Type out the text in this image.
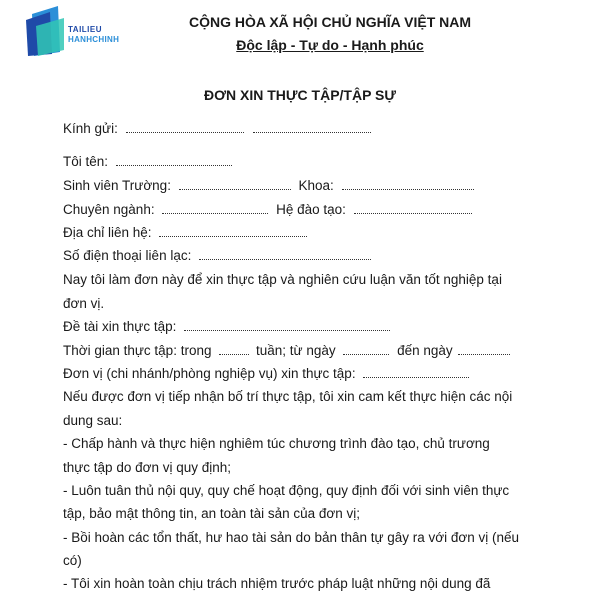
TAILIEU
HANHCHINH
CỘNG HÒA XÃ HỘI CHỦ NGHĨA VIỆT NAM
Độc lập - Tự do - Hạnh phúc
ĐƠN XIN THỰC TẬP/TẬP SỰ
Kính gửi:
Tôi tên:
Sinh viên Trường:	Khoa:
Chuyên ngành:	Hệ đào tạo:
Địa chỉ liên hệ:
Số điện thoại liên lạc:
Nay tôi làm đơn này để xin thực tập và nghiên cứu luận văn tốt nghiệp tại
đơn vị.
Đề tài xin thực tập:
Thời gian thực tập: trong	tuần; từ ngày	đến ngày
Đơn vị (chi nhánh/phòng nghiệp vụ) xin thực tập:
Nếu được đơn vị tiếp nhận bố trí thực tập, tôi xin cam kết thực hiện các nội
dung sau:
- Chấp hành và thực hiện nghiêm túc chương trình đào tạo, chủ trương
thực tập do đơn vị quy định;
- Luôn tuân thủ nội quy, quy chế hoạt động, quy định đối với sinh viên thực
tập, bảo mật thông tin, an toàn tài sản của đơn vị;
- Bồi hoàn các tổn thất, hư hao tài sản do bản thân tự gây ra với đơn vị (nếu
có)
- Tôi xin hoàn toàn chịu trách nhiệm trước pháp luật những nội dung đã
